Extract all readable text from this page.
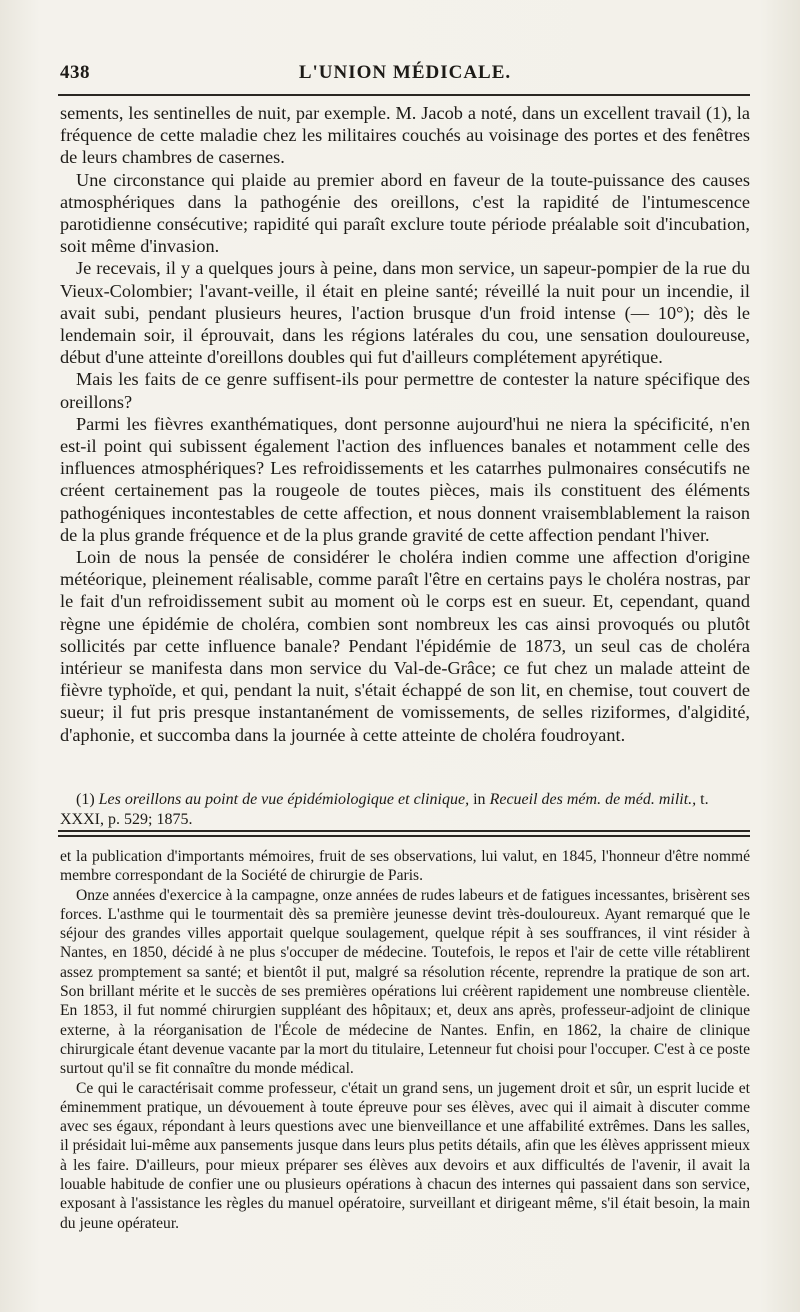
438	L'UNION MÉDICALE.

sements, les sentinelles de nuit, par exemple. M. Jacob a noté, dans un excellent travail (1), la fréquence de cette maladie chez les militaires couchés au voisinage des portes et des fenêtres de leurs chambres de casernes.

Une circonstance qui plaide au premier abord en faveur de la toute-puissance des causes atmosphériques dans la pathogénie des oreillons, c'est la rapidité de l'intumescence parotidienne consécutive; rapidité qui paraît exclure toute période préalable soit d'incubation, soit même d'invasion.

Je recevais, il y a quelques jours à peine, dans mon service, un sapeur-pompier de la rue du Vieux-Colombier; l'avant-veille, il était en pleine santé; réveillé la nuit pour un incendie, il avait subi, pendant plusieurs heures, l'action brusque d'un froid intense (— 10°); dès le lendemain soir, il éprouvait, dans les régions latérales du cou, une sensation douloureuse, début d'une atteinte d'oreillons doubles qui fut d'ailleurs complétement apyrétique.

Mais les faits de ce genre suffisent-ils pour permettre de contester la nature spécifique des oreillons?

Parmi les fièvres exanthématiques, dont personne aujourd'hui ne niera la spécificité, n'en est-il point qui subissent également l'action des influences banales et notamment celle des influences atmosphériques? Les refroidissements et les catarrhes pulmonaires consécutifs ne créent certainement pas la rougeole de toutes pièces, mais ils constituent des éléments pathogéniques incontestables de cette affection, et nous donnent vraisemblablement la raison de la plus grande fréquence et de la plus grande gravité de cette affection pendant l'hiver.

Loin de nous la pensée de considérer le choléra indien comme une affection d'origine météorique, pleinement réalisable, comme paraît l'être en certains pays le choléra nostras, par le fait d'un refroidissement subit au moment où le corps est en sueur. Et, cependant, quand règne une épidémie de choléra, combien sont nombreux les cas ainsi provoqués ou plutôt sollicités par cette influence banale? Pendant l'épidémie de 1873, un seul cas de choléra intérieur se manifesta dans mon service du Val-de-Grâce; ce fut chez un malade atteint de fièvre typhoïde, et qui, pendant la nuit, s'était échappé de son lit, en chemise, tout couvert de sueur; il fut pris presque instantanément de vomissements, de selles riziformes, d'algidité, d'aphonie, et succomba dans la journée à cette atteinte de choléra foudroyant.

(1) Les oreillons au point de vue épidémiologique et clinique, in Recueil des mém. de méd. milit., t. XXXI, p. 529; 1875.

et la publication d'importants mémoires, fruit de ses observations, lui valut, en 1845, l'honneur d'être nommé membre correspondant de la Société de chirurgie de Paris.

Onze années d'exercice à la campagne, onze années de rudes labeurs et de fatigues incessantes, brisèrent ses forces. L'asthme qui le tourmentait dès sa première jeunesse devint très-douloureux. Ayant remarqué que le séjour des grandes villes apportait quelque soulagement, quelque répit à ses souffrances, il vint résider à Nantes, en 1850, décidé à ne plus s'occuper de médecine. Toutefois, le repos et l'air de cette ville rétablirent assez promptement sa santé; et bientôt il put, malgré sa résolution récente, reprendre la pratique de son art. Son brillant mérite et le succès de ses premières opérations lui créèrent rapidement une nombreuse clientèle. En 1853, il fut nommé chirurgien suppléant des hôpitaux; et, deux ans après, professeur-adjoint de clinique externe, à la réorganisation de l'École de médecine de Nantes. Enfin, en 1862, la chaire de clinique chirurgicale étant devenue vacante par la mort du titulaire, Letenneur fut choisi pour l'occuper. C'est à ce poste surtout qu'il se fit connaître du monde médical.

Ce qui le caractérisait comme professeur, c'était un grand sens, un jugement droit et sûr, un esprit lucide et éminemment pratique, un dévouement à toute épreuve pour ses élèves, avec qui il aimait à discuter comme avec ses égaux, répondant à leurs questions avec une bienveillance et une affabilité extrêmes. Dans les salles, il présidait lui-même aux pansements jusque dans leurs plus petits détails, afin que les élèves apprissent mieux à les faire. D'ailleurs, pour mieux préparer ses élèves aux devoirs et aux difficultés de l'avenir, il avait la louable habitude de confier une ou plusieurs opérations à chacun des internes qui passaient dans son service, exposant à l'assistance les règles du manuel opératoire, surveillant et dirigeant même, s'il était besoin, la main du jeune opérateur.
